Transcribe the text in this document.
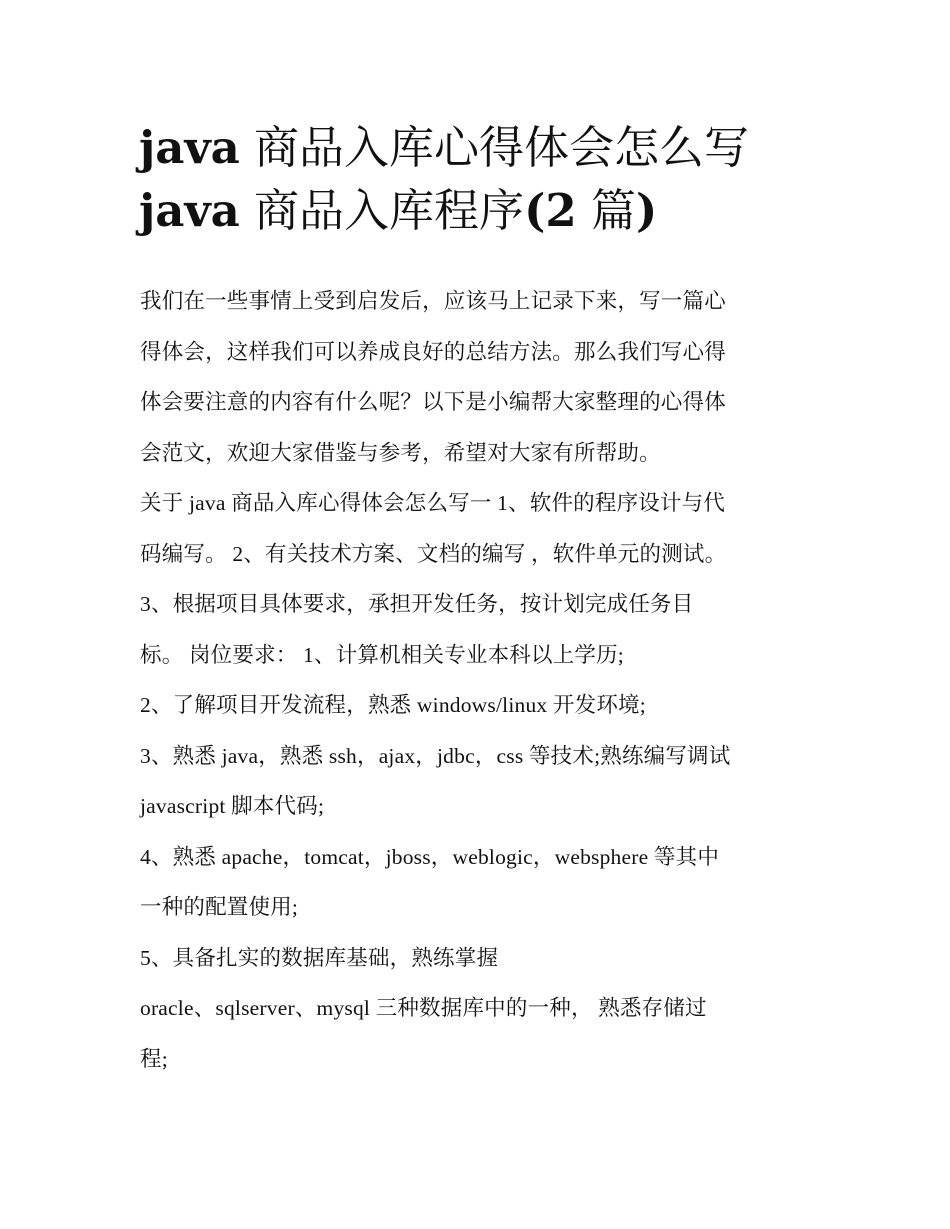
java 商品入库心得体会怎么写
java 商品入库程序(2 篇)
我们在一些事情上受到启发后，应该马上记录下来，写一篇心
得体会，这样我们可以养成良好的总结方法。那么我们写心得
体会要注意的内容有什么呢？以下是小编帮大家整理的心得体
会范文，欢迎大家借鉴与参考，希望对大家有所帮助。
关于 java 商品入库心得体会怎么写一 1、软件的程序设计与代
码编写。 2、有关技术方案、文档的编写 ，软件单元的测试。
3、根据项目具体要求，承担开发任务，按计划完成任务目
标。 岗位要求： 1、计算机相关专业本科以上学历;
2、了解项目开发流程，熟悉 windows/linux 开发环境;
3、熟悉 java，熟悉 ssh，ajax，jdbc，css 等技术;熟练编写调试
javascript 脚本代码;
4、熟悉 apache，tomcat，jboss，weblogic，websphere 等其中
一种的配置使用;
5、具备扎实的数据库基础，熟练掌握
oracle、sqlserver、mysql 三种数据库中的一种， 熟悉存储过
程;
